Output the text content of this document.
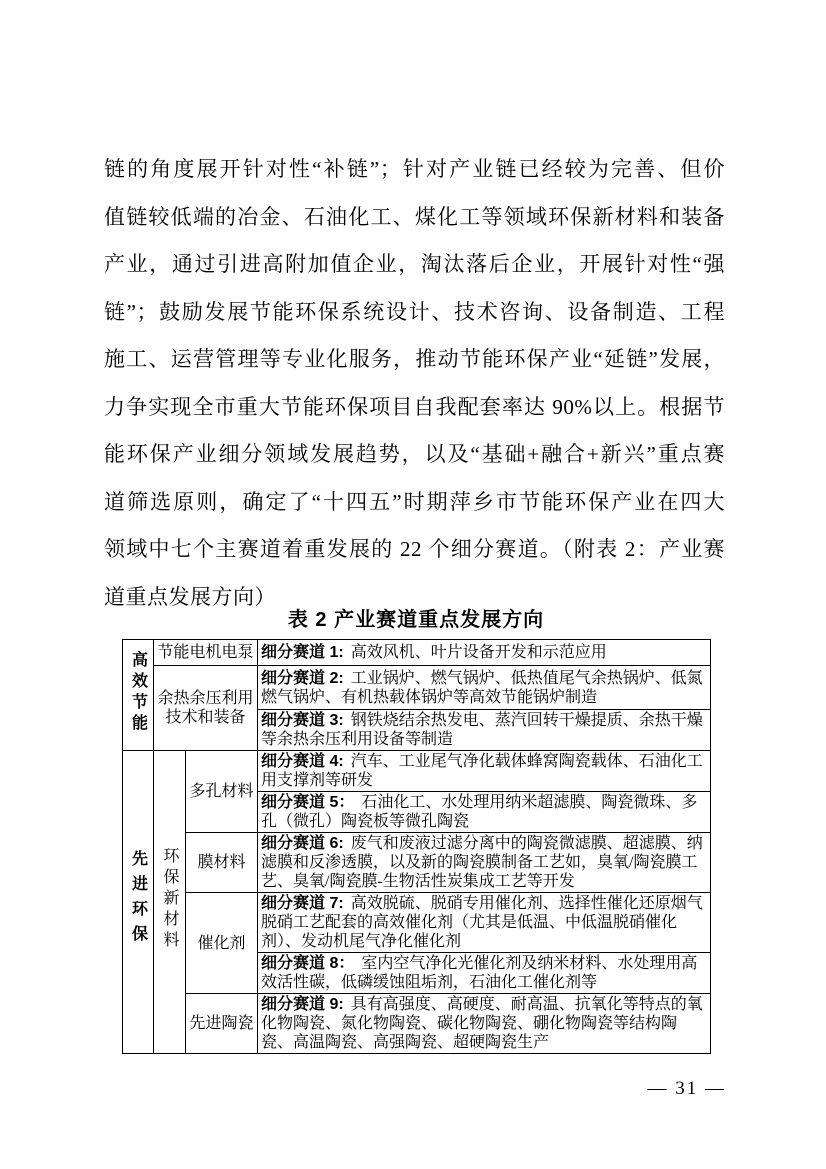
链的角度展开针对性“补链”；针对产业链已经较为完善、但价
值链较低端的冶金、石油化工、煤化工等领域环保新材料和装备
产业，通过引进高附加值企业，淘汰落后企业，开展针对性“强
链”；鼓励发展节能环保系统设计、技术咨询、设备制造、工程
施工、运营管理等专业化服务，推动节能环保产业“延链”发展，
力争实现全市重大节能环保项目自我配套率达 90%以上。根据节
能环保产业细分领域发展趋势，以及“基础+融合+新兴”重点赛
道筛选原则，确定了“十四五”时期萍乡市节能环保产业在四大
领域中七个主赛道着重发展的 22 个细分赛道。（附表 2：产业赛
道重点发展方向）
表 2 产业赛道重点发展方向
高效节能	节能电机电泵		细分赛道 1: 高效风机、叶片设备开发和示范应用
	余热余压利用技术和装备		细分赛道 2: 工业锅炉、燃气锅炉、低热值尾气余热锅炉、低氮燃气锅炉、有机热载体锅炉等高效节能锅炉制造
			细分赛道 3: 钢铁烧结余热发电、蒸汽回转干燥提质、余热干燥等余热余压利用设备等制造
先进环保	环保新材料	多孔材料	细分赛道 4: 汽车、工业尾气净化载体蜂窝陶瓷载体、石油化工用支撑剂等研发
			细分赛道 5： 石油化工、水处理用纳米超滤膜、陶瓷微珠、多孔（微孔）陶瓷板等微孔陶瓷
		膜材料	细分赛道 6: 废气和废液过滤分离中的陶瓷微滤膜、超滤膜、纳滤膜和反渗透膜，以及新的陶瓷膜制备工艺如，臭氧/陶瓷膜工艺、臭氧/陶瓷膜-生物活性炭集成工艺等开发
		催化剂	细分赛道 7: 高效脱硫、脱硝专用催化剂、选择性催化还原烟气脱硝工艺配套的高效催化剂（尤其是低温、中低温脱硝催化剂）、发动机尾气净化催化剂
			细分赛道 8： 室内空气净化光催化剂及纳米材料、水处理用高效活性碳，低磷缓蚀阻垢剂，石油化工催化剂等
		先进陶瓷	细分赛道 9: 具有高强度、高硬度、耐高温、抗氧化等特点的氧化物陶瓷、氮化物陶瓷、碳化物陶瓷、硼化物陶瓷等结构陶瓷、高温陶瓷、高强陶瓷、超硬陶瓷生产
— 31 —
